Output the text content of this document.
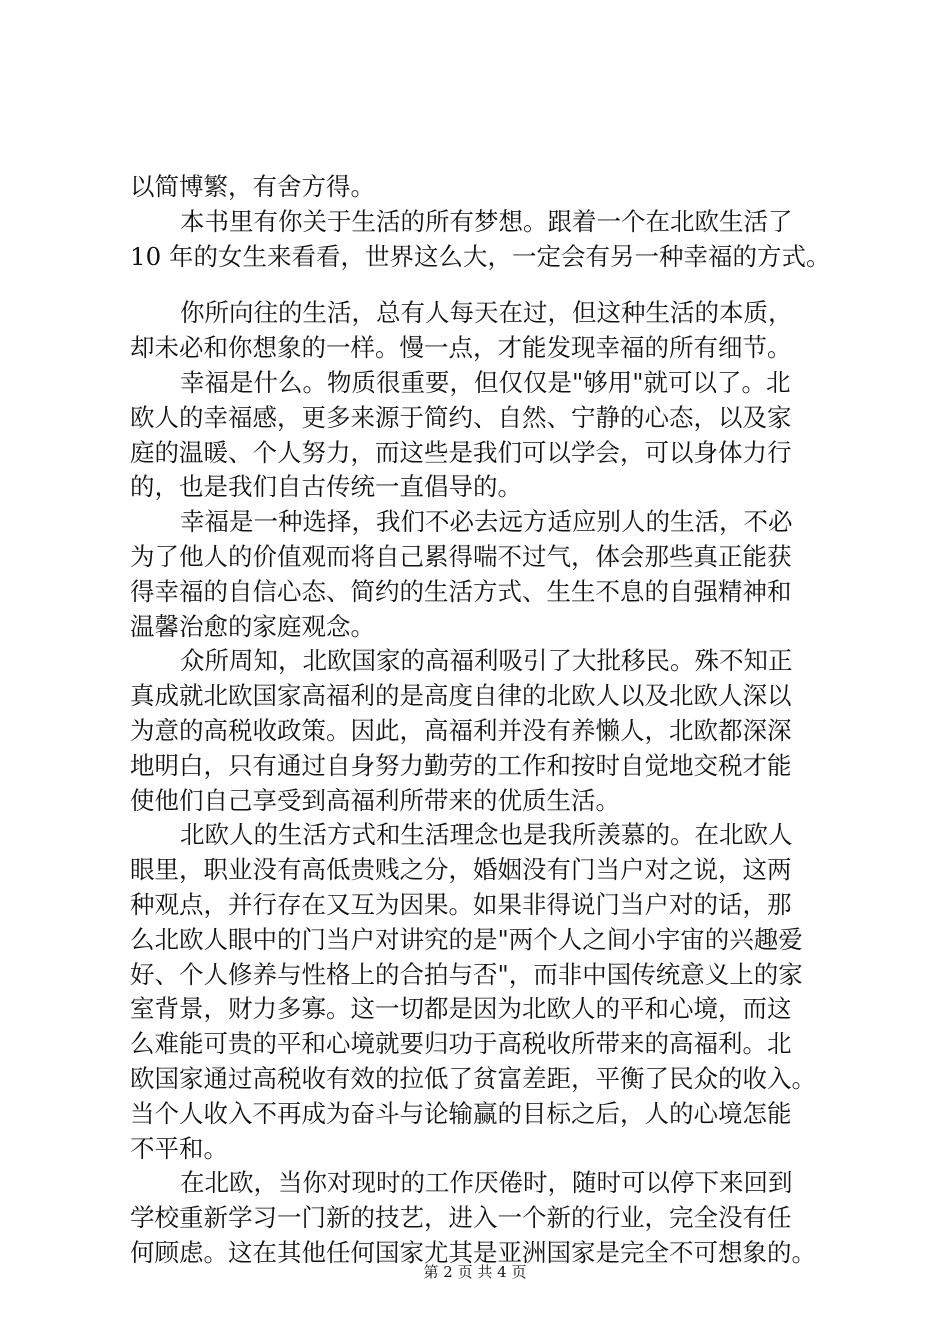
以简博繁，有舍方得。
本书里有你关于生活的所有梦想。跟着一个在北欧生活了
10 年的女生来看看，世界这么大，一定会有另一种幸福的方式。
你所向往的生活，总有人每天在过，但这种生活的本质，
却未必和你想象的一样。慢一点，才能发现幸福的所有细节。
幸福是什么。物质很重要，但仅仅是"够用"就可以了。北
欧人的幸福感，更多来源于简约、自然、宁静的心态，以及家
庭的温暖、个人努力，而这些是我们可以学会，可以身体力行
的，也是我们自古传统一直倡导的。
幸福是一种选择，我们不必去远方适应别人的生活，不必
为了他人的价值观而将自己累得喘不过气，体会那些真正能获
得幸福的自信心态、简约的生活方式、生生不息的自强精神和
温馨治愈的家庭观念。
众所周知，北欧国家的高福利吸引了大批移民。殊不知正
真成就北欧国家高福利的是高度自律的北欧人以及北欧人深以
为意的高税收政策。因此，高福利并没有养懒人，北欧都深深
地明白，只有通过自身努力勤劳的工作和按时自觉地交税才能
使他们自己享受到高福利所带来的优质生活。
北欧人的生活方式和生活理念也是我所羡慕的。在北欧人
眼里，职业没有高低贵贱之分，婚姻没有门当户对之说，这两
种观点，并行存在又互为因果。如果非得说门当户对的话，那
么北欧人眼中的门当户对讲究的是"两个人之间小宇宙的兴趣爱
好、个人修养与性格上的合拍与否"，而非中国传统意义上的家
室背景，财力多寡。这一切都是因为北欧人的平和心境，而这
么难能可贵的平和心境就要归功于高税收所带来的高福利。北
欧国家通过高税收有效的拉低了贫富差距，平衡了民众的收入。
当个人收入不再成为奋斗与论输赢的目标之后，人的心境怎能
不平和。
在北欧，当你对现时的工作厌倦时，随时可以停下来回到
学校重新学习一门新的技艺，进入一个新的行业，完全没有任
何顾虑。这在其他任何国家尤其是亚洲国家是完全不可想象的。
第 2 页 共 4 页
